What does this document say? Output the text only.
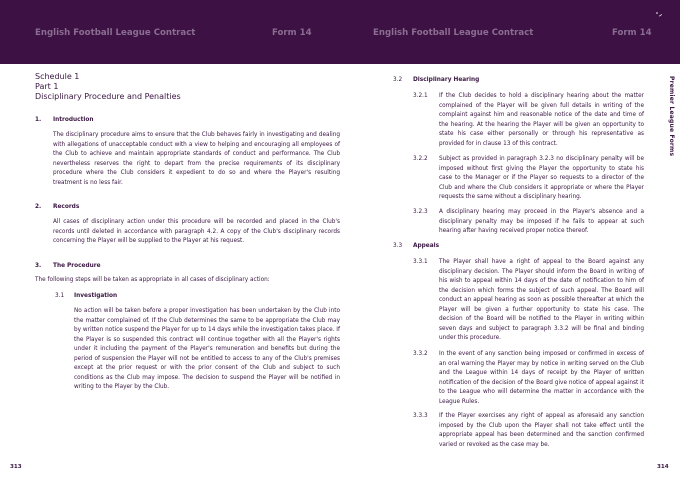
English Football League Contract	Form 14	English Football League Contract	Form 14
Premier League Forms
Schedule 1
Part 1
Disciplinary Procedure and Penalties
1. Introduction
The disciplinary procedure aims to ensure that the Club behaves fairly in investigating and dealing with allegations of unacceptable conduct with a view to helping and encouraging all employees of the Club to achieve and maintain appropriate standards of conduct and performance. The Club nevertheless reserves the right to depart from the precise requirements of its disciplinary procedure where the Club considers it expedient to do so and where the Player's resulting treatment is no less fair.
2. Records
All cases of disciplinary action under this procedure will be recorded and placed in the Club's records until deleted in accordance with paragraph 4.2. A copy of the Club's disciplinary records concerning the Player will be supplied to the Player at his request.
3. The Procedure
The following steps will be taken as appropriate in all cases of disciplinary action:
3.1 Investigation
No action will be taken before a proper investigation has been undertaken by the Club into the matter complained of. If the Club determines the same to be appropriate the Club may by written notice suspend the Player for up to 14 days while the investigation takes place. If the Player is so suspended this contract will continue together with all the Player's rights under it including the payment of the Player's remuneration and benefits but during the period of suspension the Player will not be entitled to access to any of the Club's premises except at the prior request or with the prior consent of the Club and subject to such conditions as the Club may impose. The decision to suspend the Player will be notified in writing to the Player by the Club.
313
3.2 Disciplinary Hearing
3.2.1 If the Club decides to hold a disciplinary hearing about the matter complained of the Player will be given full details in writing of the complaint against him and reasonable notice of the date and time of the hearing. At the hearing the Player will be given an opportunity to state his case either personally or through his representative as provided for in clause 13 of this contract.
3.2.2 Subject as provided in paragraph 3.2.3 no disciplinary penalty will be imposed without first giving the Player the opportunity to state his case to the Manager or if the Player so requests to a director of the Club and where the Club considers it appropriate or where the Player requests the same without a disciplinary hearing.
3.2.3 A disciplinary hearing may proceed in the Player's absence and a disciplinary penalty may be imposed if he fails to appear at such hearing after having received proper notice thereof.
3.3 Appeals
3.3.1 The Player shall have a right of appeal to the Board against any disciplinary decision. The Player should inform the Board in writing of his wish to appeal within 14 days of the date of notification to him of the decision which forms the subject of such appeal. The Board will conduct an appeal hearing as soon as possible thereafter at which the Player will be given a further opportunity to state his case. The decision of the Board will be notified to the Player in writing within seven days and subject to paragraph 3.3.2 will be final and binding under this procedure.
3.3.2 In the event of any sanction being imposed or confirmed in excess of an oral warning the Player may by notice in writing served on the Club and the League within 14 days of receipt by the Player of written notification of the decision of the Board give notice of appeal against it to the League who will determine the matter in accordance with the League Rules.
3.3.3 If the Player exercises any right of appeal as aforesaid any sanction imposed by the Club upon the Player shall not take effect until the appropriate appeal has been determined and the sanction confirmed varied or revoked as the case may be.
314
